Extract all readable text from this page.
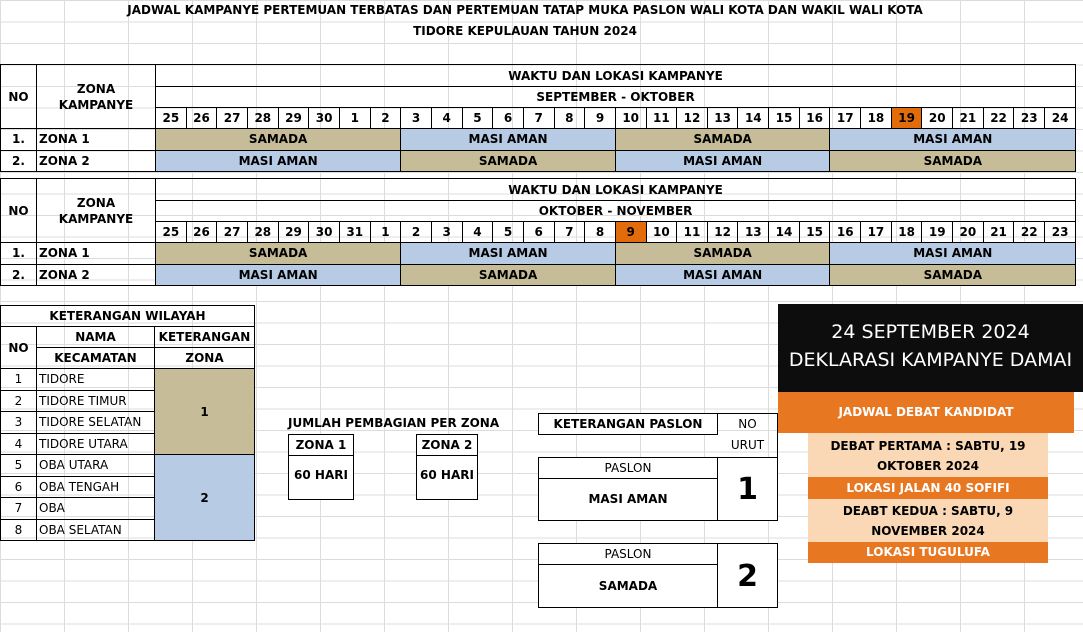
JADWAL KAMPANYE PERTEMUAN TERBATAS DAN PERTEMUAN TATAP MUKA PASLON WALI KOTA DAN WAKIL WALI KOTA
TIDORE KEPULAUAN TAHUN 2024
NO	ZONA
KAMPANYE	WAKTU DAN LOKASI KAMPANYE																													
		SEPTEMBER - OKTOBER																													
		25	26	27	28	29	30	1	2	3	4	5	6	7	8	9	10	11	12	13	14	15	16	17	18	19	20	21	22	23	24
1.	ZONA 1	SAMADA								MASI AMAN							SAMADA							MASI AMAN							
2.	ZONA 2	MASI AMAN								SAMADA							MASI AMAN							SAMADA							
NO	ZONA
KAMPANYE	WAKTU DAN LOKASI KAMPANYE																													
		OKTOBER - NOVEMBER																													
		25	26	27	28	29	30	31	1	2	3	4	5	6	7	8	9	10	11	12	13	14	15	16	17	18	19	20	21	22	23
1.	ZONA 1	SAMADA								MASI AMAN							SAMADA							MASI AMAN							
2.	ZONA 2	MASI AMAN								SAMADA							MASI AMAN							SAMADA							
KETERANGAN WILAYAH		
NO	NAMA	KETERANGAN
	KECAMATAN	ZONA
1	TIDORE	1
2	TIDORE TIMUR	
3	TIDORE SELATAN	
4	TIDORE UTARA	
5	OBA UTARA	2
6	OBA TENGAH	
7	OBA	
8	OBA SELATAN	
JUMLAH PEMBAGIAN PER ZONA
ZONA 1
60 HARI
ZONA 2
60 HARI
KETERANGAN PASLON	NO
URUT
PASLON
MASI AMAN	1
PASLON
SAMADA	2
24 SEPTEMBER 2024
DEKLARASI KAMPANYE DAMAI
JADWAL DEBAT KANDIDAT
DEBAT PERTAMA : SABTU, 19
OKTOBER 2024
LOKASI JALAN 40 SOFIFI
DEABT KEDUA : SABTU, 9
NOVEMBER 2024
LOKASI TUGULUFA
